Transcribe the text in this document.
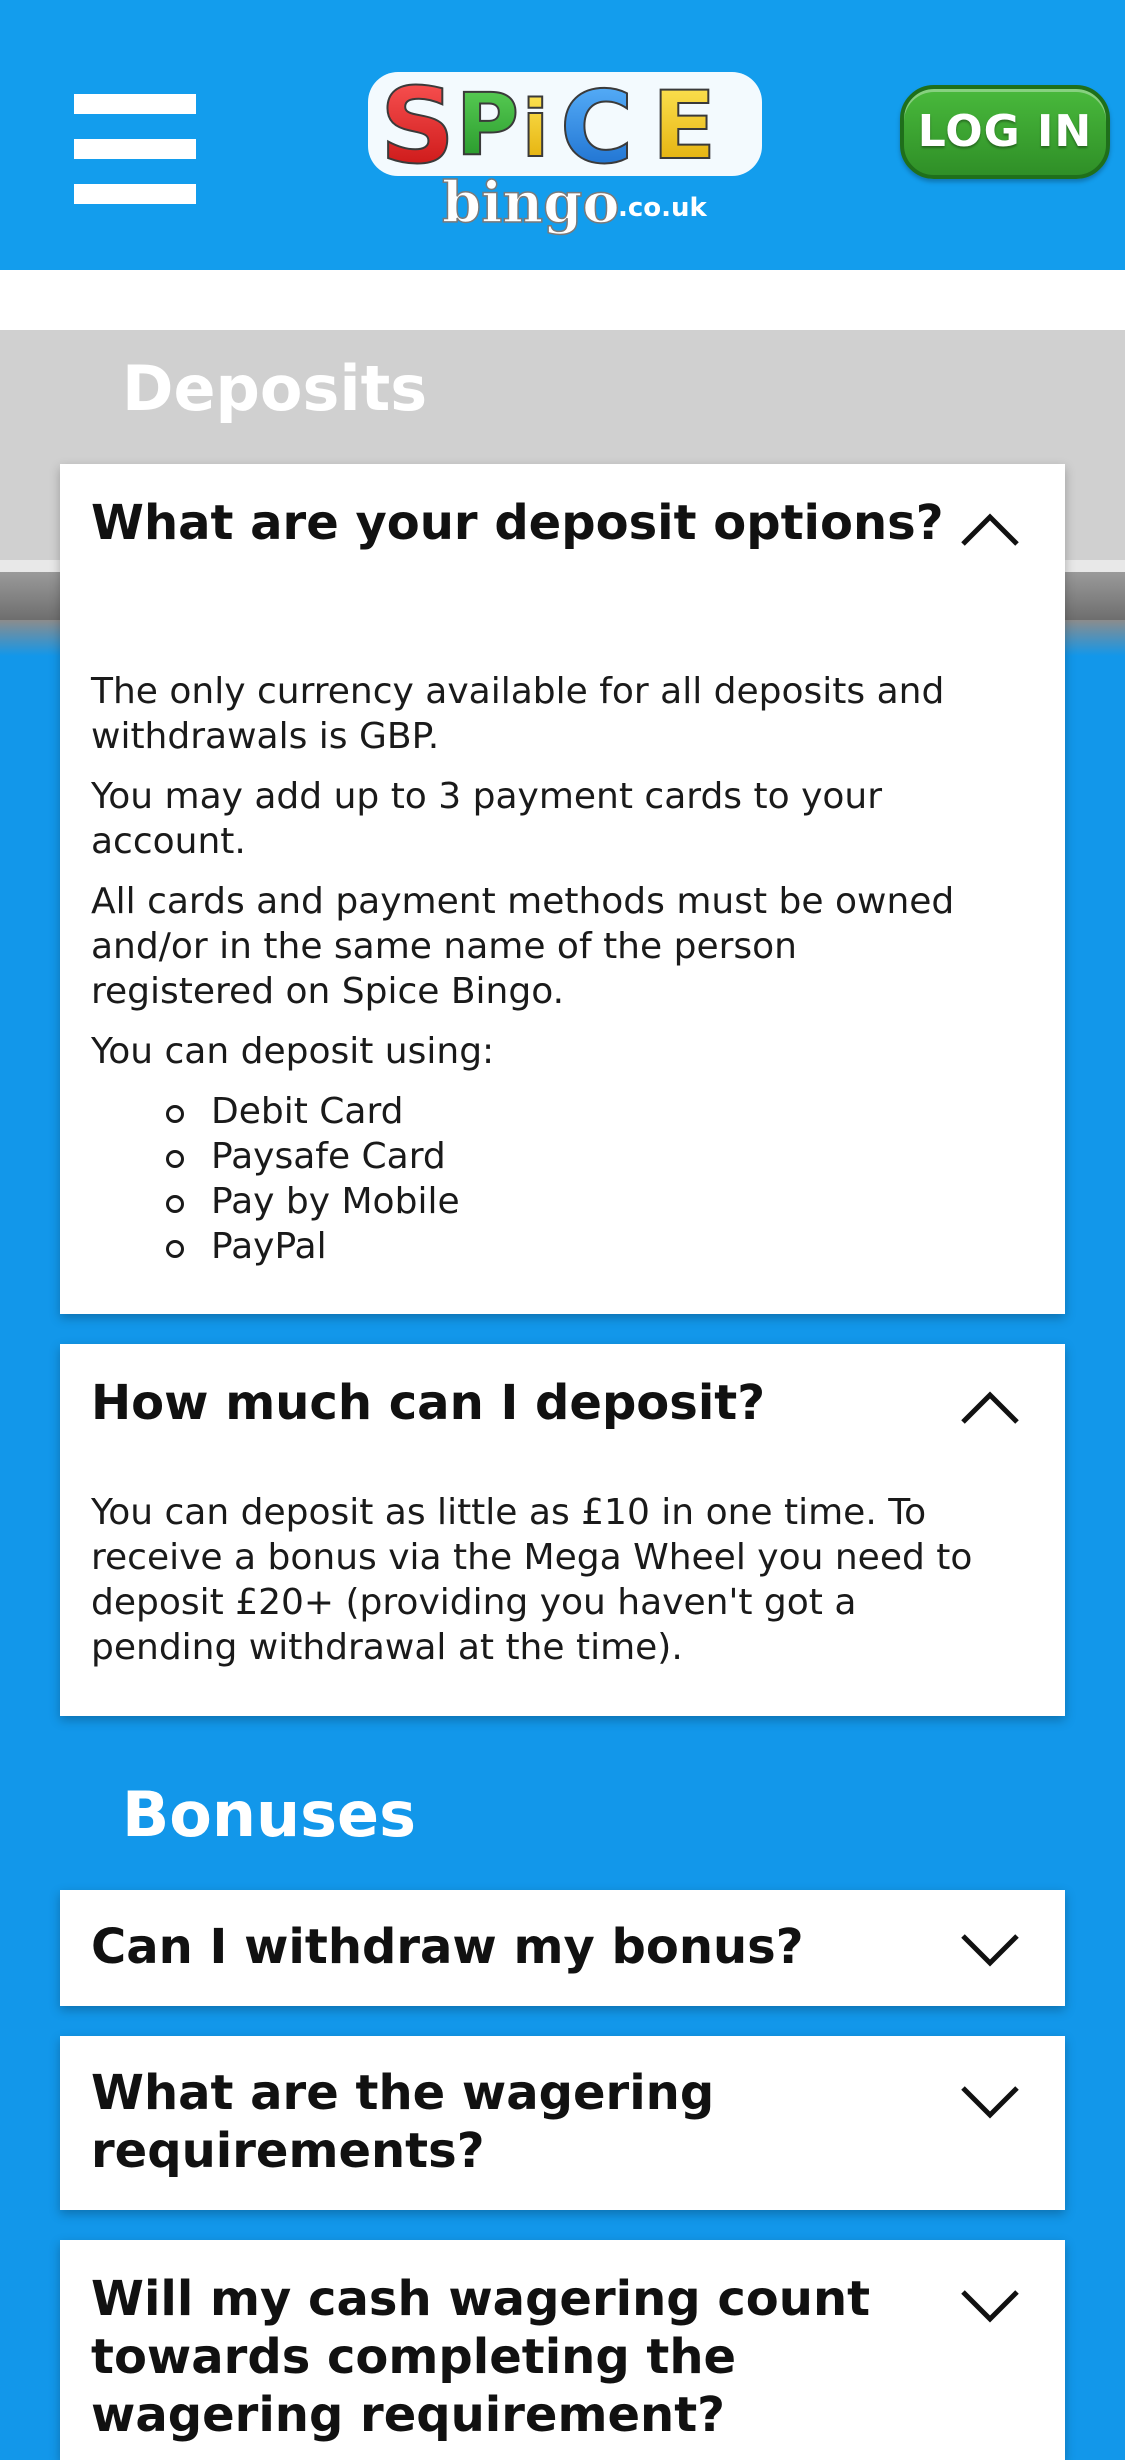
S P i C E
bingo
.co.uk
LOG IN
Deposits
What are your deposit options?

The only currency available for all deposits and withdrawals is GBP.

You may add up to 3 payment cards to your account.

All cards and payment methods must be owned and/or in the same name of the person registered on Spice Bingo.

You can deposit using:

Debit Card
Paysafe Card
Pay by Mobile
PayPal
How much can I deposit?

You can deposit as little as £10 in one time. To receive a bonus via the Mega Wheel you need to deposit £20+ (providing you haven't got a pending withdrawal at the time).

Bonuses
Can I withdraw my bonus?
What are the wagering requirements?
Will my cash wagering count towards completing the wagering requirement?
